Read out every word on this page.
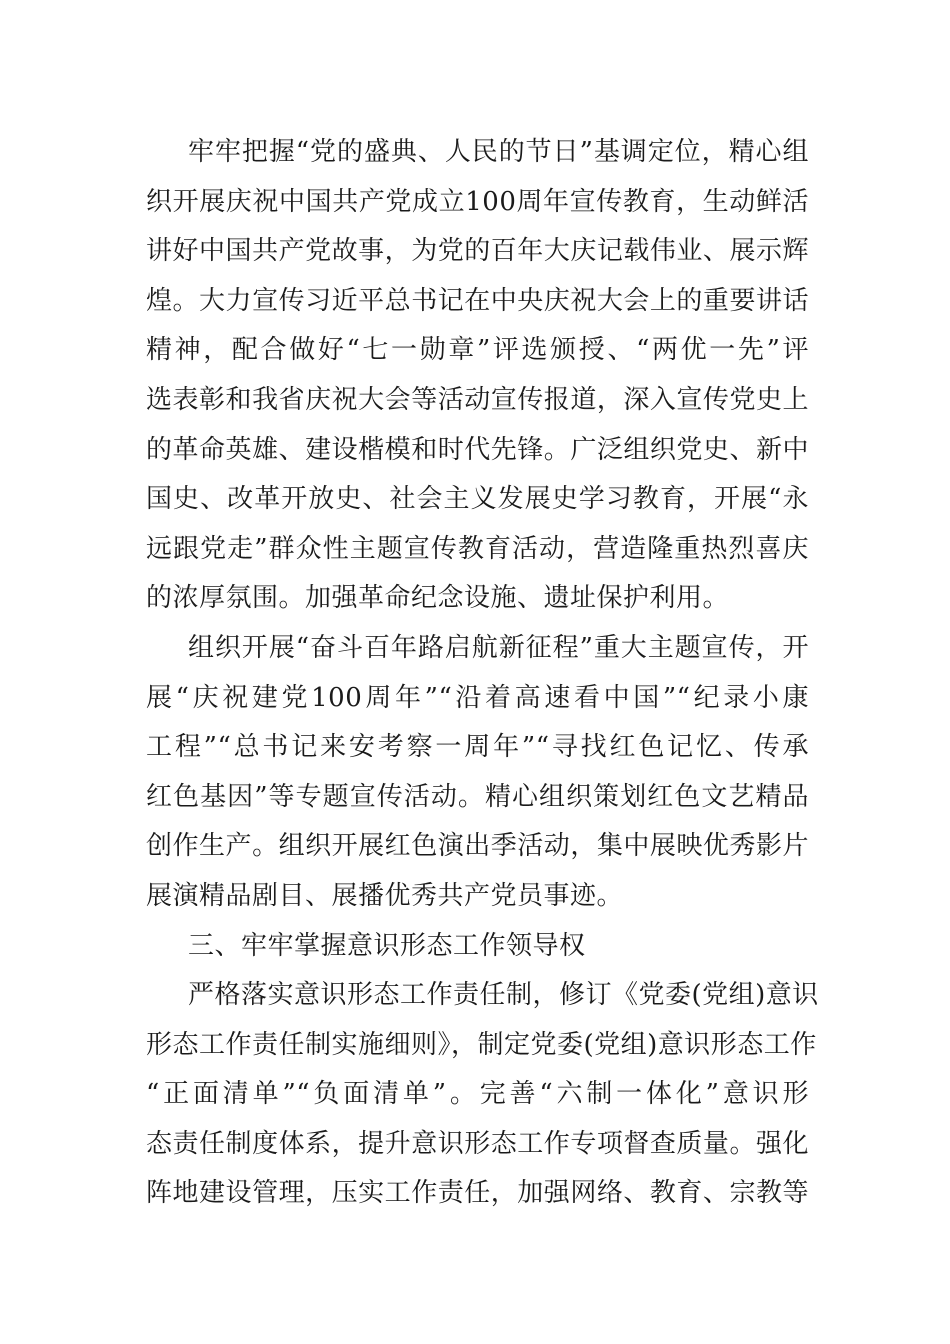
牢牢把握“党的盛典、人民的节日”基调定位，精心组
织开展庆祝中国共产党成立100周年宣传教育，生动鲜活
讲好中国共产党故事，为党的百年大庆记载伟业、展示辉
煌。大力宣传习近平总书记在中央庆祝大会上的重要讲话
精神，配合做好“七一勋章”评选颁授、“两优一先”评
选表彰和我省庆祝大会等活动宣传报道，深入宣传党史上
的革命英雄、建设楷模和时代先锋。广泛组织党史、新中
国史、改革开放史、社会主义发展史学习教育，开展“永
远跟党走”群众性主题宣传教育活动，营造隆重热烈喜庆
的浓厚氛围。加强革命纪念设施、遗址保护利用。
组织开展“奋斗百年路启航新征程”重大主题宣传，开
展“庆祝建党100周年”“沿着高速看中国”“纪录小康
工程”“总书记来安考察一周年”“寻找红色记忆、传承
红色基因”等专题宣传活动。精心组织策划红色文艺精品
创作生产。组织开展红色演出季活动，集中展映优秀影片
展演精品剧目、展播优秀共产党员事迹。
三、牢牢掌握意识形态工作领导权
严格落实意识形态工作责任制，修订《党委(党组)意识
形态工作责任制实施细则》，制定党委(党组)意识形态工作
“正面清单”“负面清单”。完善“六制一体化”意识形
态责任制度体系，提升意识形态工作专项督查质量。强化
阵地建设管理，压实工作责任，加强网络、教育、宗教等
